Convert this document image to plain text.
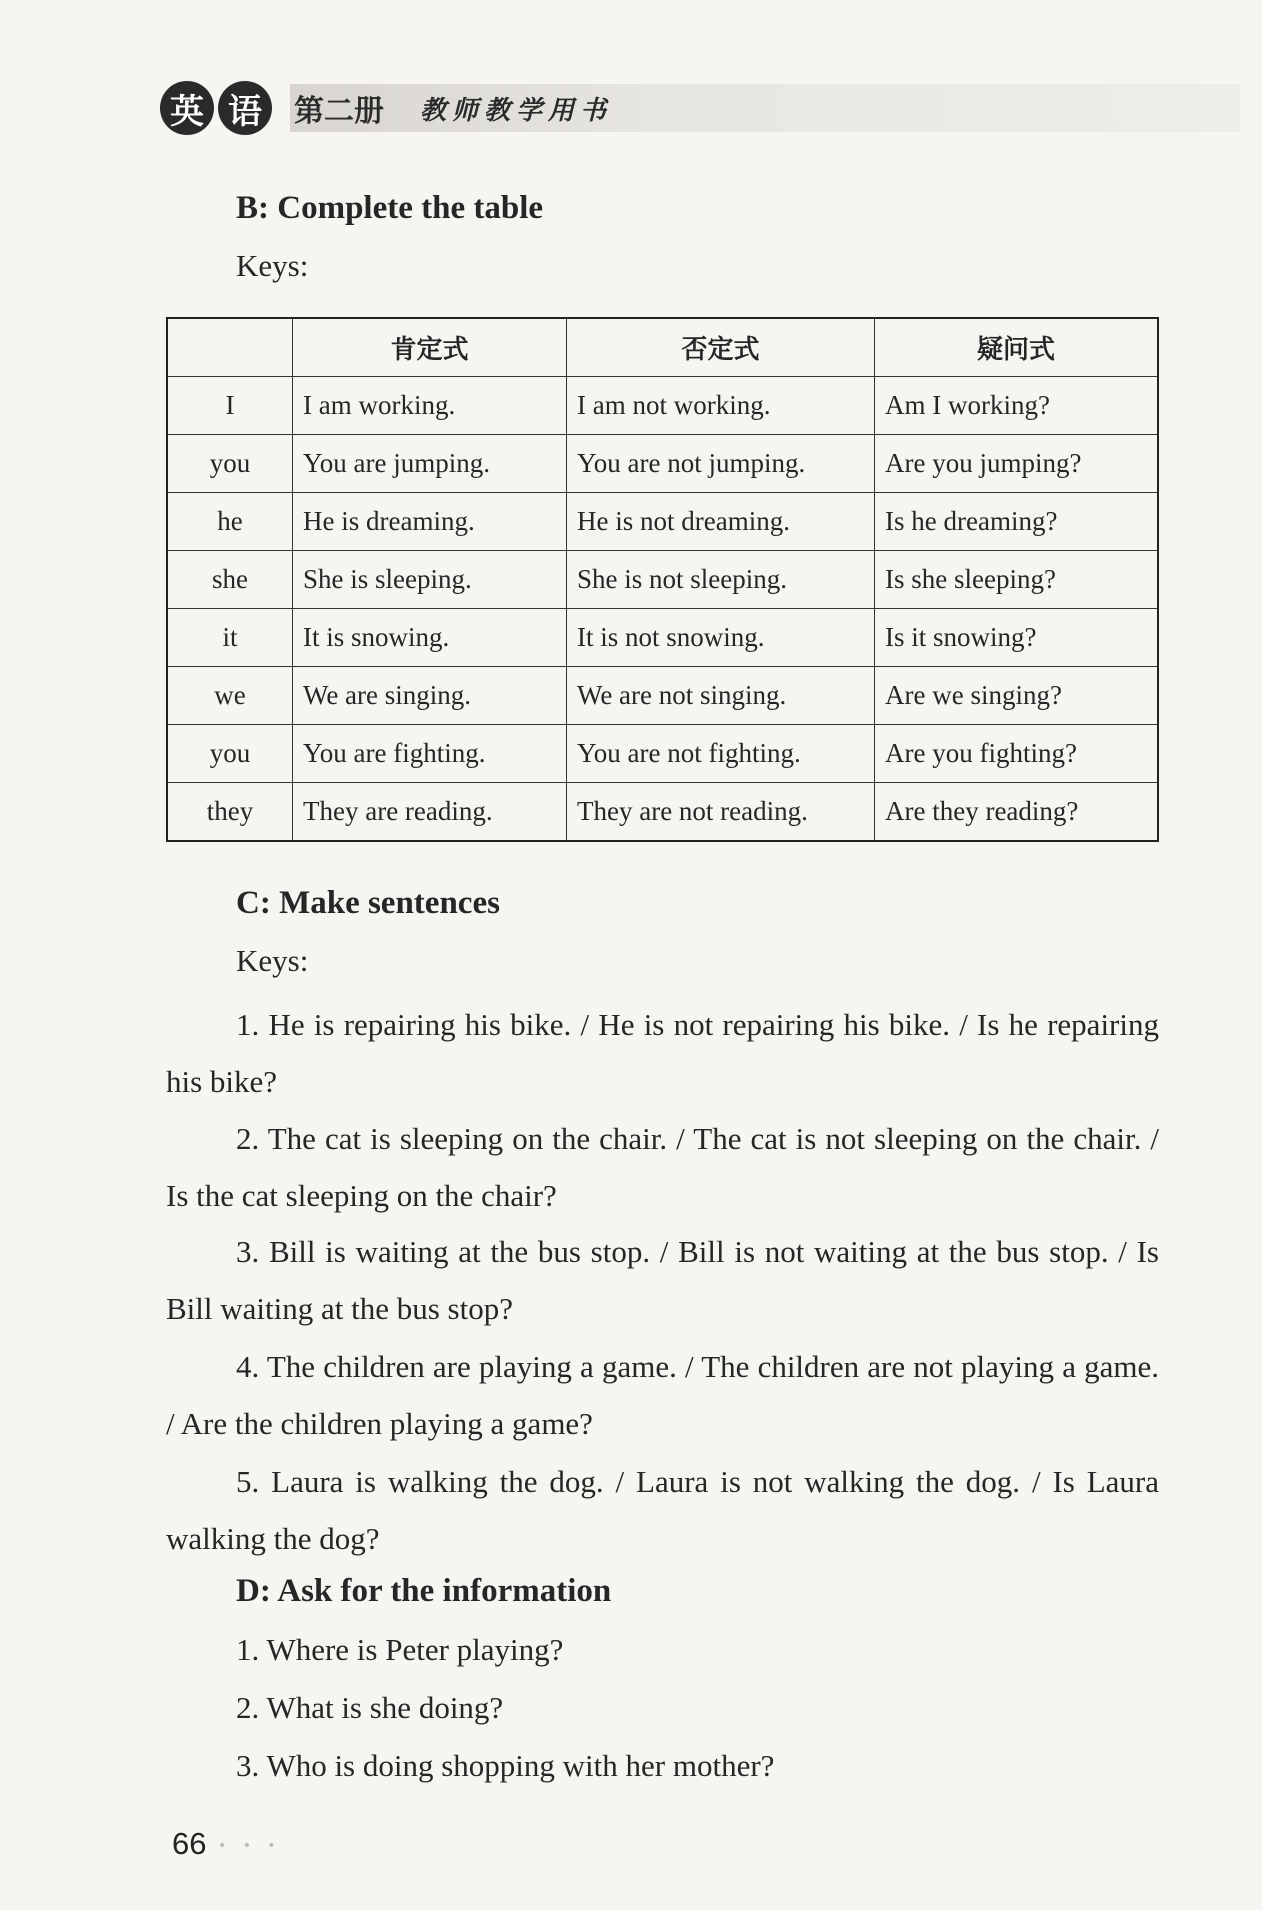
英 语	第二册 教师教学用书
B: Complete the table
Keys:
	肯定式	否定式	疑问式
I	I am working.	I am not working.	Am I working?
you	You are jumping.	You are not jumping.	Are you jumping?
he	He is dreaming.	He is not dreaming.	Is he dreaming?
she	She is sleeping.	She is not sleeping.	Is she sleeping?
it	It is snowing.	It is not snowing.	Is it snowing?
we	We are singing.	We are not singing.	Are we singing?
you	You are fighting.	You are not fighting.	Are you fighting?
they	They are reading.	They are not reading.	Are they reading?
C: Make sentences
Keys:

1. He is repairing his bike. / He is not repairing his bike. / Is he repairing his bike?

2. The cat is sleeping on the chair. / The cat is not sleeping on the chair. / Is the cat sleeping on the chair?

3. Bill is waiting at the bus stop. / Bill is not waiting at the bus stop. / Is Bill waiting at the bus stop?

4. The children are playing a game. / The children are not playing a game. / Are the children playing a game?

5. Laura is walking the dog. / Laura is not walking the dog. / Is Laura walking the dog?

D: Ask for the information
1. Where is Peter playing?
2. What is she doing?
3. Who is doing shopping with her mother?
66 • • •
